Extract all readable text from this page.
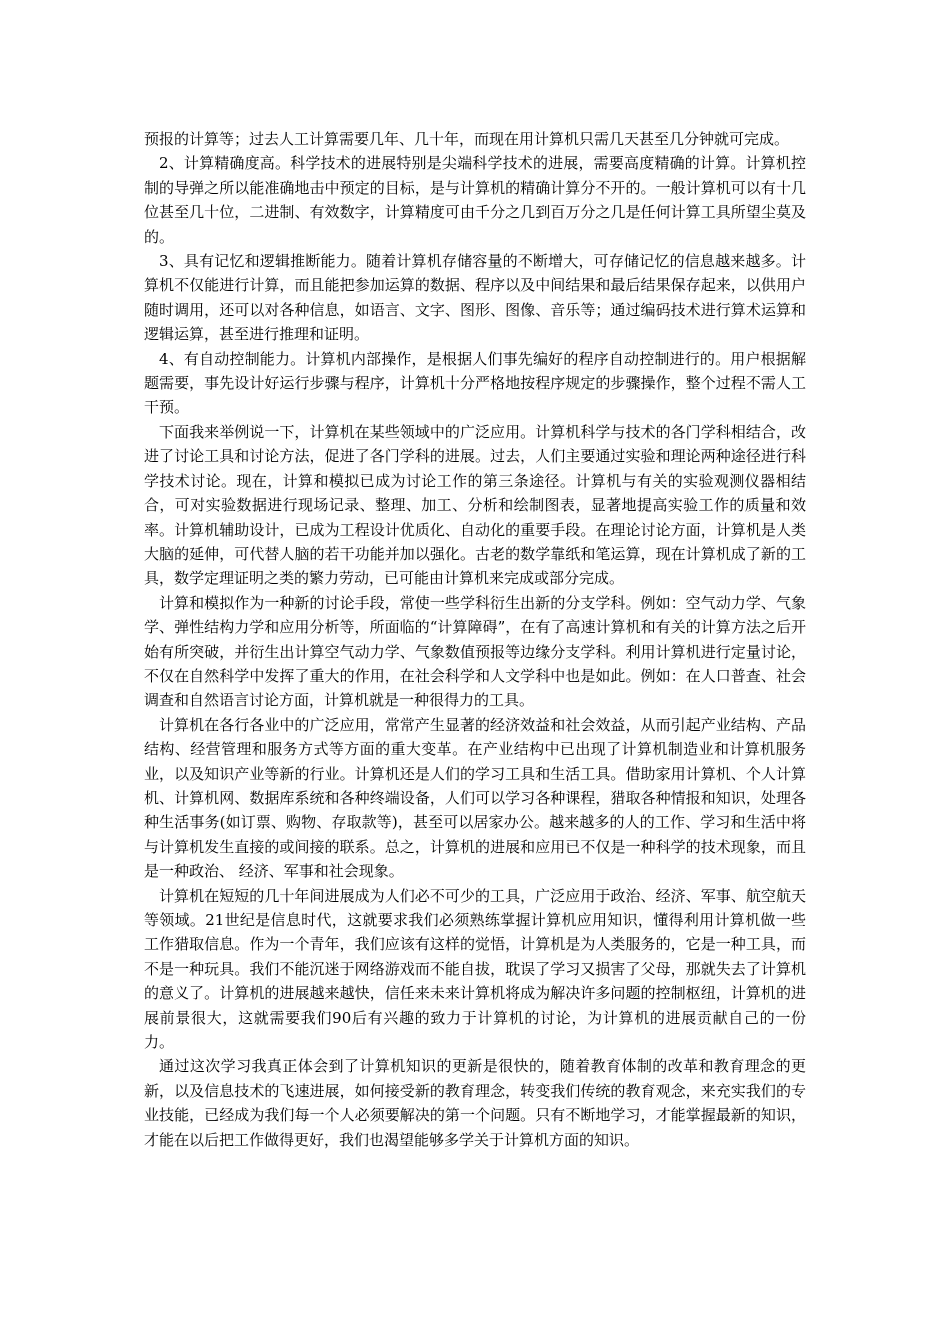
预报的计算等；过去人工计算需要几年、几十年，而现在用计算机只需几天甚至几分钟就可完成。

2、计算精确度高。科学技术的进展特别是尖端科学技术的进展，需要高度精确的计算。计算机控制的导弹之所以能准确地击中预定的目标，是与计算机的精确计算分不开的。一般计算机可以有十几位甚至几十位，二进制、有效数字，计算精度可由千分之几到百万分之几是任何计算工具所望尘莫及的。

3、具有记忆和逻辑推断能力。随着计算机存储容量的不断增大，可存储记忆的信息越来越多。计算机不仅能进行计算，而且能把参加运算的数据、程序以及中间结果和最后结果保存起来，以供用户随时调用，还可以对各种信息，如语言、文字、图形、图像、音乐等；通过编码技术进行算术运算和逻辑运算，甚至进行推理和证明。

4、有自动控制能力。计算机内部操作，是根据人们事先编好的程序自动控制进行的。用户根据解题需要，事先设计好运行步骤与程序，计算机十分严格地按程序规定的步骤操作，整个过程不需人工干预。

下面我来举例说一下，计算机在某些领域中的广泛应用。计算机科学与技术的各门学科相结合，改进了讨论工具和讨论方法，促进了各门学科的进展。过去，人们主要通过实验和理论两种途径进行科学技术讨论。现在，计算和模拟已成为讨论工作的第三条途径。计算机与有关的实验观测仪器相结合，可对实验数据进行现场记录、整理、加工、分析和绘制图表，显著地提高实验工作的质量和效率。计算机辅助设计，已成为工程设计优质化、自动化的重要手段。在理论讨论方面，计算机是人类大脑的延伸，可代替人脑的若干功能并加以强化。古老的数学靠纸和笔运算，现在计算机成了新的工具，数学定理证明之类的繁力劳动，已可能由计算机来完成或部分完成。

计算和模拟作为一种新的讨论手段，常使一些学科衍生出新的分支学科。例如：空气动力学、气象学、弹性结构力学和应用分析等，所面临的“计算障碍”，在有了高速计算机和有关的计算方法之后开始有所突破，并衍生出计算空气动力学、气象数值预报等边缘分支学科。利用计算机进行定量讨论，不仅在自然科学中发挥了重大的作用，在社会科学和人文学科中也是如此。例如：在人口普查、社会调查和自然语言讨论方面，计算机就是一种很得力的工具。

计算机在各行各业中的广泛应用，常常产生显著的经济效益和社会效益，从而引起产业结构、产品结构、经营管理和服务方式等方面的重大变革。在产业结构中已出现了计算机制造业和计算机服务业，以及知识产业等新的行业。计算机还是人们的学习工具和生活工具。借助家用计算机、个人计算机、计算机网、数据库系统和各种终端设备，人们可以学习各种课程，猎取各种情报和知识，处理各种生活事务(如订票、购物、存取款等)，甚至可以居家办公。越来越多的人的工作、学习和生活中将与计算机发生直接的或间接的联系。总之，计算机的进展和应用已不仅是一种科学的技术现象，而且是一种政治、 经济、军事和社会现象。

计算机在短短的几十年间进展成为人们必不可少的工具，广泛应用于政治、经济、军事、航空航天等领域。21世纪是信息时代，这就要求我们必须熟练掌握计算机应用知识，懂得利用计算机做一些工作猎取信息。作为一个青年，我们应该有这样的觉悟，计算机是为人类服务的，它是一种工具，而不是一种玩具。我们不能沉迷于网络游戏而不能自拔，耽误了学习又损害了父母，那就失去了计算机的意义了。计算机的进展越来越快，信任来未来计算机将成为解决许多问题的控制枢纽，计算机的进展前景很大，这就需要我们90后有兴趣的致力于计算机的讨论，为计算机的进展贡献自己的一份力。

通过这次学习我真正体会到了计算机知识的更新是很快的，随着教育体制的改革和教育理念的更新，以及信息技术的飞速进展，如何接受新的教育理念，转变我们传统的教育观念，来充实我们的专业技能，已经成为我们每一个人必须要解决的第一个问题。只有不断地学习，才能掌握最新的知识，才能在以后把工作做得更好，我们也渴望能够多学关于计算机方面的知识。
